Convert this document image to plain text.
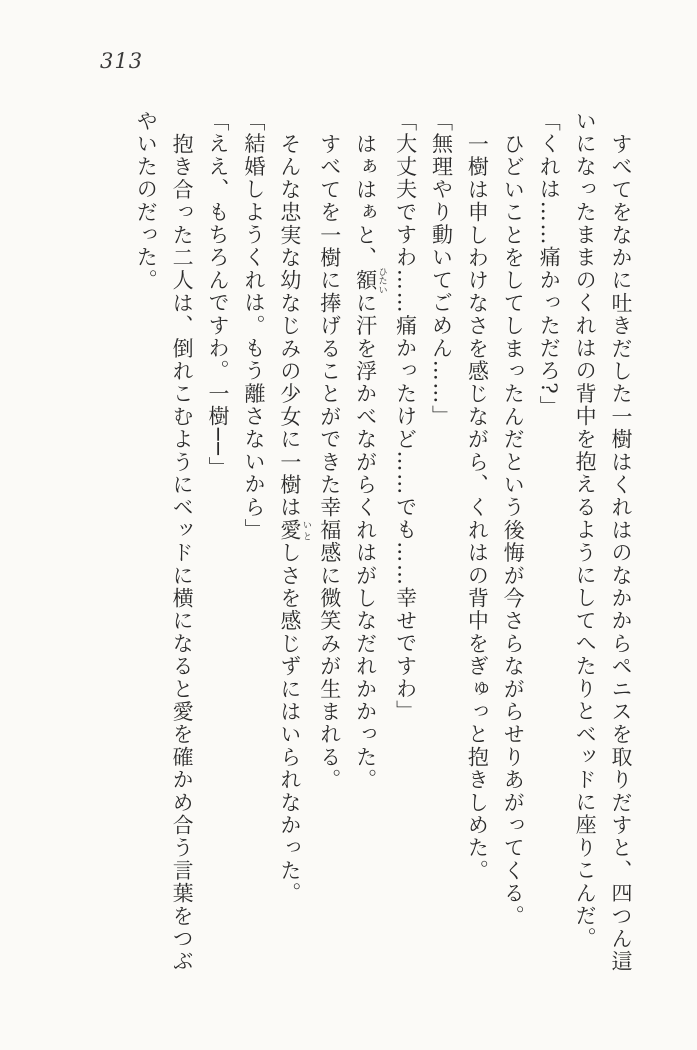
313

すべてをなかに吐きだした一樹はくれはのなかからペニスを取りだすと、四つん這いになったままのくれはの背中を抱えるようにしてへたりとベッドに座りこんだ。

「くれは……痛かっただろ?」

ひどいことをしてしまったんだという後悔が今さらながらせりあがってくる。

一樹は申しわけなさを感じながら、くれはの背中をぎゅっと抱きしめた。

「無理やり動いてごめん……」

「大丈夫ですわ……痛かったけど……でも……幸せですわ」

はぁはぁと、額 ひたいに汗を浮かべながらくれはがしなだれかかった。

すべてを一樹に捧げることができた幸福感に微笑みが生まれる。

そんな忠実な幼なじみの少女に一樹は愛 いとしさを感じずにはいられなかった。

「結婚しようくれは。もう離さないから」

「ええ、もちろんですわ。一樹──」

抱き合った二人は、倒れこむようにベッドに横になると愛を確かめ合う言葉をつぶやいたのだった。
